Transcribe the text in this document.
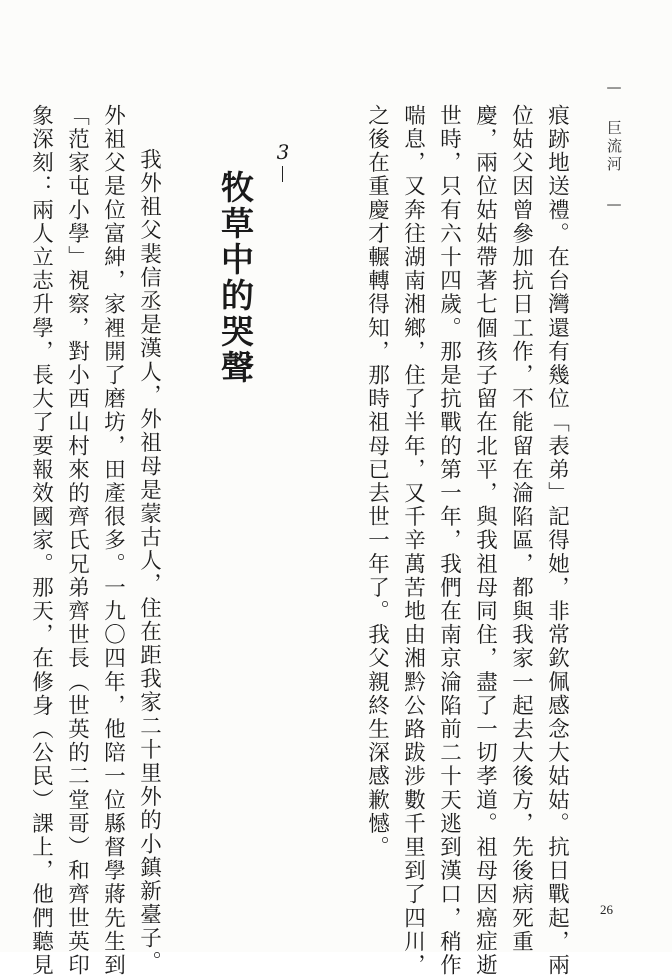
— 巨流河 —
痕跡地送禮。在台灣還有幾位「表弟」記得她，非常欽佩感念大姑姑。抗日戰起，兩
位姑父因曾參加抗日工作，不能留在淪陷區，都與我家一起去大後方，先後病死重
慶，兩位姑姑帶著七個孩子留在北平，與我祖母同住，盡了一切孝道。祖母因癌症逝
世時，只有六十四歲。那是抗戰的第一年，我們在南京淪陷前二十天逃到漢口，稍作
喘息，又奔往湖南湘鄉，住了半年，又千辛萬苦地由湘黔公路跋涉數千里到了四川，
之後在重慶才輾轉得知，那時祖母已去世一年了。我父親終生深感歉憾。
3
牧草中的哭聲
我外祖父裴信丞是漢人，外祖母是蒙古人，住在距我家二十里外的小鎮新臺子。
外祖父是位富紳，家裡開了磨坊，田產很多。一九〇四年，他陪一位縣督學蔣先生到
「范家屯小學」視察，對小西山村來的齊氏兄弟齊世長（世英的二堂哥）和齊世英印
象深刻：兩人立志升學，長大了要報效國家。那天，在修身（公民）課上，他們聽見	26
